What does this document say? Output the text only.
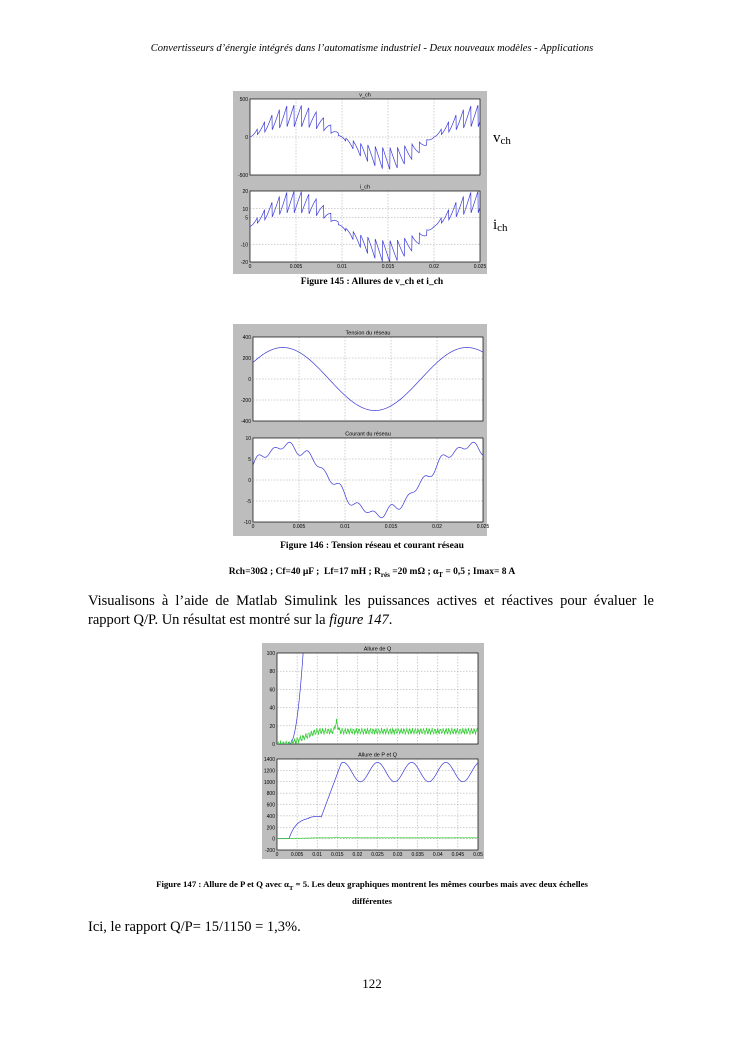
Convertisseurs d’énergie intégrés dans l’automatisme industriel - Deux nouveaux modèles - Applications
v_ch
500
0
-500
i_ch
20
10
5
-10
-20
0	0.005	0.01	0.015	0.02	0.025
$v_{ch}$
$i_{ch}$
Figure 145 : Allures de v_ch et i_ch
Tension du réseau
400
200
0
-200
-400
Courant du réseau
10
5
0
-5
-10
0	0.005	0.01	0.015	0.02	0.025
Figure 146 : Tension réseau et courant réseau
Rch=30Ω ; Cf=40 µF ;  Lf=17 mH ; $R_{rés} =20$ mΩ ; $\alpha_T = 0,5$ ; Imax= 8 A
Visualisons à l’aide de Matlab Simulink les puissances actives et réactives pour évaluer le rapport Q/P. Un résultat est montré sur la figure 147.
Allure de Q
100
80
60
40
20
0
Allure de P et Q
1400
1200
1000
800
600
400
200
0
-200
0 0.005 0.01 0.015 0.02 0.025 0.03 0.035 0.04 0.045 0.05
Figure 147 : Allure de P et Q avec $\alpha_T = 5$. Les deux graphiques montrent les mêmes courbes mais avec deux échelles
différentes
Ici, le rapport Q/P= 15/1150 = 1,3%.
122
